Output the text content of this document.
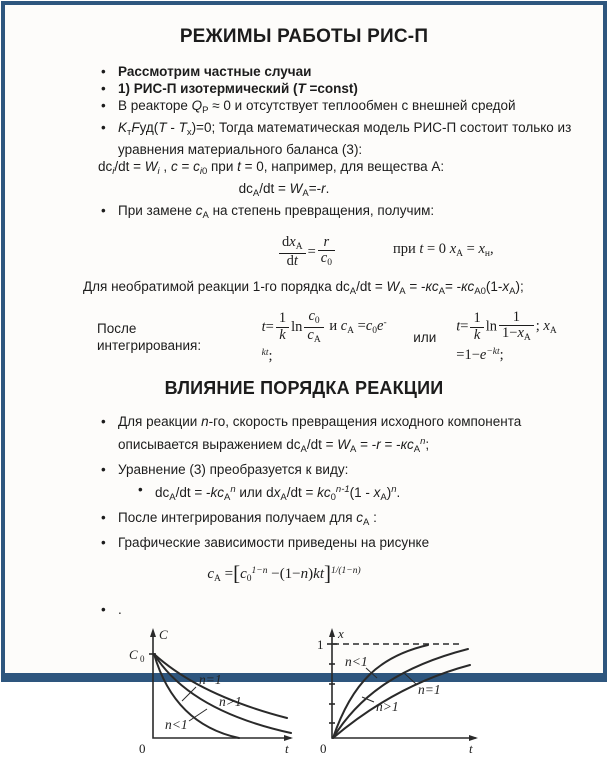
РЕЖИМЫ РАБОТЫ РИС-П
• Рассмотрим частные случаи
• 1) РИС-П изотермический (T =const)
• В реакторе $Q_Р \approx 0$ и отсутствует теплообмен с внешней средой
• $K_тFуд(T - T_х)=0$; Тогда математическая модель РИС-П состоит только из уравнения материального баланса (3):
$dc_i/dt = W_i$ , $c = c_{i0}$ при t = 0, например, для вещества А:
$dc_А/dt = W_А=-r$.
• При замене $c_А$ на степень превращения, получим:
$\frac{dx_А}{dt} = \frac{r}{c_0}$	при t = 0 $x_А = x_н$,
Для необратимой реакции 1-го порядка $dc_А/dt = W_А = -кc_А= -кc_{А0}(1-x_А)$;
После интегрирования:
$t= \frac{1}{k}$ $\ln \frac{c_0}{c_А}$ и $c_А =c_0e^{-kt}$;
или
$t= \frac{1}{k}$ $\ln \frac{1}{1-x_А}$ ; $x_А =1-e^{-kt}$;
ВЛИЯНИЕ ПОРЯДКА РЕАКЦИИ
• Для реакции n-го, скорость превращения исходного компонента описывается выражением $dc_А/dt = W_А = -r = -кc_А^n$;
• Уравнение (3) преобразуется к виду:
• $dc_А/dt = -kc_А^n$ или $dx_А/dt = kc_0^{n-1}(1 - x_А)^n$.
• После интегрирования получаем для $c_А$ :
• Графические зависимости приведены на рисунке
$c_А =[c_0^{1-n} -(1-n)kt]^{1/(1-n)}$
• .
C
C 0
0	t
n=1
n>1
n<1
x
1
0	t
n<1
n=1
n>1
